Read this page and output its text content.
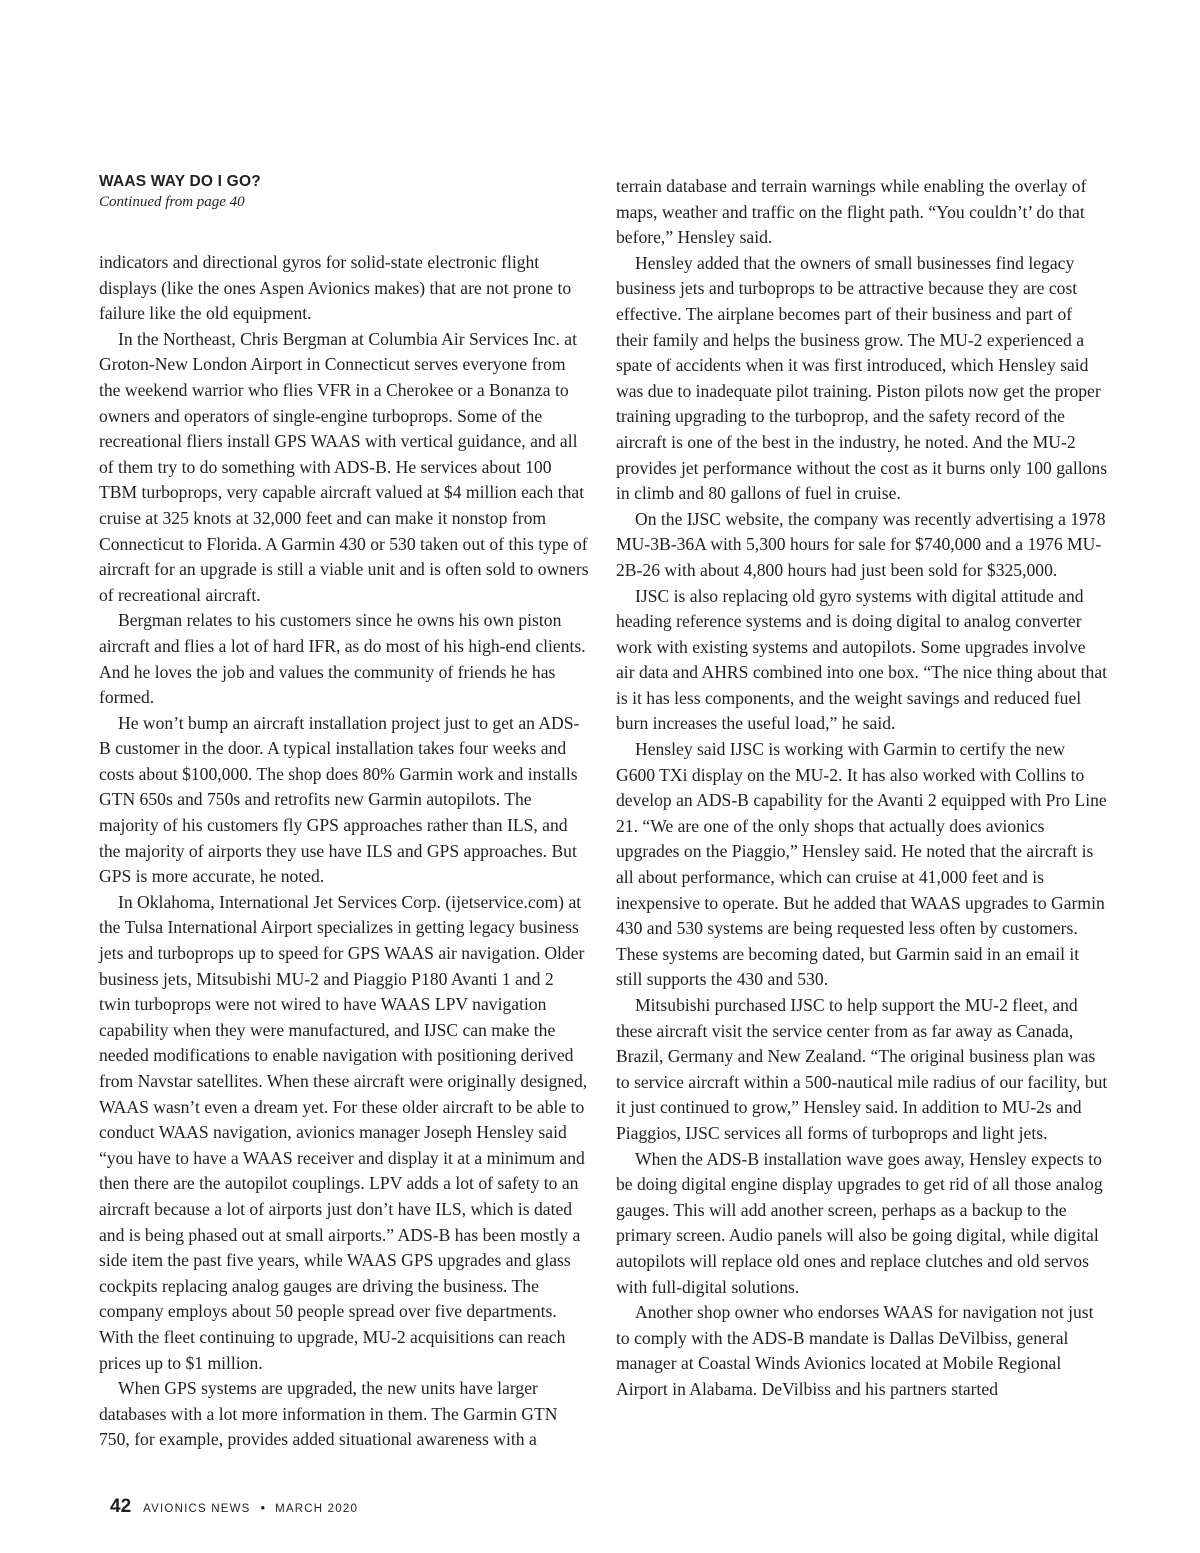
WAAS WAY DO I GO?

Continued from page 40

indicators and directional gyros for solid-state electronic flight displays (like the ones Aspen Avionics makes) that are not prone to failure like the old equipment.

In the Northeast, Chris Bergman at Columbia Air Services Inc. at Groton-New London Airport in Connecticut serves everyone from the weekend warrior who flies VFR in a Cherokee or a Bonanza to owners and operators of single-engine turboprops. Some of the recreational fliers install GPS WAAS with vertical guidance, and all of them try to do something with ADS-B. He services about 100 TBM turboprops, very capable aircraft valued at $4 million each that cruise at 325 knots at 32,000 feet and can make it nonstop from Connecticut to Florida. A Garmin 430 or 530 taken out of this type of aircraft for an upgrade is still a viable unit and is often sold to owners of recreational aircraft.

Bergman relates to his customers since he owns his own piston aircraft and flies a lot of hard IFR, as do most of his high-end clients. And he loves the job and values the community of friends he has formed.

He won’t bump an aircraft installation project just to get an ADS-B customer in the door. A typical installation takes four weeks and costs about $100,000. The shop does 80% Garmin work and installs GTN 650s and 750s and retrofits new Garmin autopilots. The majority of his customers fly GPS approaches rather than ILS, and the majority of airports they use have ILS and GPS approaches. But GPS is more accurate, he noted.

In Oklahoma, International Jet Services Corp. (ijetservice.com) at the Tulsa International Airport specializes in getting legacy business jets and turboprops up to speed for GPS WAAS air navigation. Older business jets, Mitsubishi MU-2 and Piaggio P180 Avanti 1 and 2 twin turboprops were not wired to have WAAS LPV navigation capability when they were manufactured, and IJSC can make the needed modifications to enable navigation with positioning derived from Navstar satellites. When these aircraft were originally designed, WAAS wasn’t even a dream yet. For these older aircraft to be able to conduct WAAS navigation, avionics manager Joseph Hensley said “you have to have a WAAS receiver and display it at a minimum and then there are the autopilot couplings. LPV adds a lot of safety to an aircraft because a lot of airports just don’t have ILS, which is dated and is being phased out at small airports.” ADS-B has been mostly a side item the past five years, while WAAS GPS upgrades and glass cockpits replacing analog gauges are driving the business. The company employs about 50 people spread over five departments. With the fleet continuing to upgrade, MU-2 acquisitions can reach prices up to $1 million.

When GPS systems are upgraded, the new units have larger databases with a lot more information in them. The Garmin GTN 750, for example, provides added situational awareness with a

terrain database and terrain warnings while enabling the overlay of maps, weather and traffic on the flight path. “You couldn’t’ do that before,” Hensley said.

Hensley added that the owners of small businesses find legacy business jets and turboprops to be attractive because they are cost effective. The airplane becomes part of their business and part of their family and helps the business grow. The MU-2 experienced a spate of accidents when it was first introduced, which Hensley said was due to inadequate pilot training. Piston pilots now get the proper training upgrading to the turboprop, and the safety record of the aircraft is one of the best in the industry, he noted. And the MU-2 provides jet performance without the cost as it burns only 100 gallons in climb and 80 gallons of fuel in cruise.

On the IJSC website, the company was recently advertising a 1978 MU-3B-36A with 5,300 hours for sale for $740,000 and a 1976 MU-2B-26 with about 4,800 hours had just been sold for $325,000.

IJSC is also replacing old gyro systems with digital attitude and heading reference systems and is doing digital to analog converter work with existing systems and autopilots. Some upgrades involve air data and AHRS combined into one box. “The nice thing about that is it has less components, and the weight savings and reduced fuel burn increases the useful load,” he said.

Hensley said IJSC is working with Garmin to certify the new G600 TXi display on the MU-2. It has also worked with Collins to develop an ADS-B capability for the Avanti 2 equipped with Pro Line 21. “We are one of the only shops that actually does avionics upgrades on the Piaggio,” Hensley said. He noted that the aircraft is all about performance, which can cruise at 41,000 feet and is inexpensive to operate. But he added that WAAS upgrades to Garmin 430 and 530 systems are being requested less often by customers. These systems are becoming dated, but Garmin said in an email it still supports the 430 and 530.

Mitsubishi purchased IJSC to help support the MU-2 fleet, and these aircraft visit the service center from as far away as Canada, Brazil, Germany and New Zealand. “The original business plan was to service aircraft within a 500-nautical mile radius of our facility, but it just continued to grow,” Hensley said. In addition to MU-2s and Piaggios, IJSC services all forms of turboprops and light jets.

When the ADS-B installation wave goes away, Hensley expects to be doing digital engine display upgrades to get rid of all those analog gauges. This will add another screen, perhaps as a backup to the primary screen. Audio panels will also be going digital, while digital autopilots will replace old ones and replace clutches and old servos with full-digital solutions.

Another shop owner who endorses WAAS for navigation not just to comply with the ADS-B mandate is Dallas DeVilbiss, general manager at Coastal Winds Avionics located at Mobile Regional Airport in Alabama. DeVilbiss and his partners started

42 AVIONICS NEWS • MARCH 2020
